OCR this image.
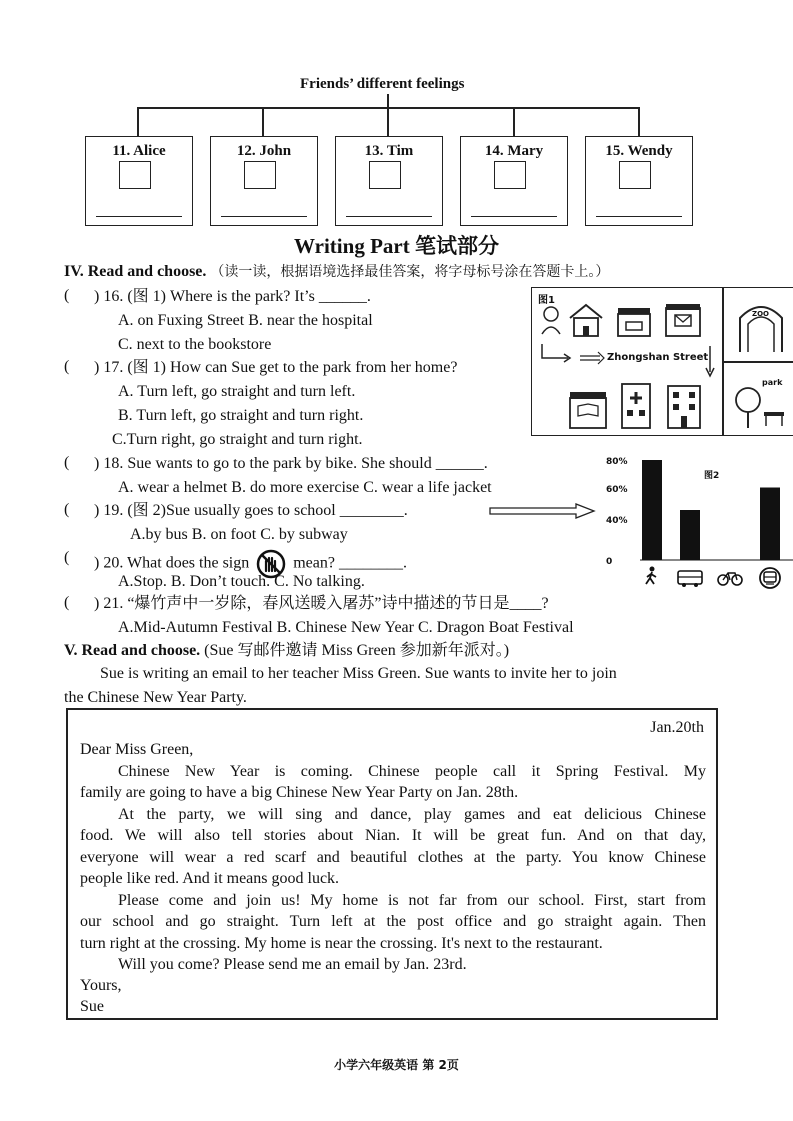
Friends’ different feelings
11. Alice	12. John	13. Tim	14. Mary	15. Wendy
Writing Part 笔试部分
IV. Read and choose. （读一读，根据语境选择最佳答案，将字母标号涂在答题卡上。）
( ) 16. (图 1) Where is the park? It’s ______.
A. on Fuxing Street B. near the hospital
C. next to the bookstore
( ) 17. (图 1) How can Sue get to the park from her home?
A. Turn left, go straight and turn left.
B. Turn left, go straight and turn right.
C.Turn right, go straight and turn right.
( ) 18. Sue wants to go to the park by bike. She should ______.
A. wear a helmet B. do more exercise C. wear a life jacket
( ) 19. (图 2)Sue usually goes to school ________.
A.by bus B. on foot C. by subway
( ) 20. What does the sign	mean? ________.
A.Stop. B. Don’t touch. C. No talking.
( ) 21. “爆竹声中一岁除，春风送暖入屠苏”诗中描述的节日是____?
A.Mid-Autumn Festival B. Chinese New Year C. Dragon Boat Festival
图1
Zhongshan Street
ZOO
park
80%
60%
40%
0
图2
V. Read and choose. (Sue 写邮件邀请 Miss Green 参加新年派对。)
Sue is writing an email to her teacher Miss Green. Sue wants to invite her to join
the Chinese New Year Party.
Jan.20th
Dear Miss Green,
Chinese New Year is coming. Chinese people call it Spring Festival. My
family are going to have a big Chinese New Year Party on Jan. 28th.
At the party, we will sing and dance, play games and eat delicious Chinese
food. We will also tell stories about Nian. It will be great fun. And on that day,
everyone will wear a red scarf and beautiful clothes at the party. You know Chinese
people like red. And it means good luck.
Please come and join us! My home is not far from our school. First, start from
our school and go straight. Turn left at the post office and go straight again. Then
turn right at the crossing. My home is near the crossing. It's next to the restaurant.
Will you come? Please send me an email by Jan. 23rd.
Yours,
Sue
小学六年级英语 第 2页
